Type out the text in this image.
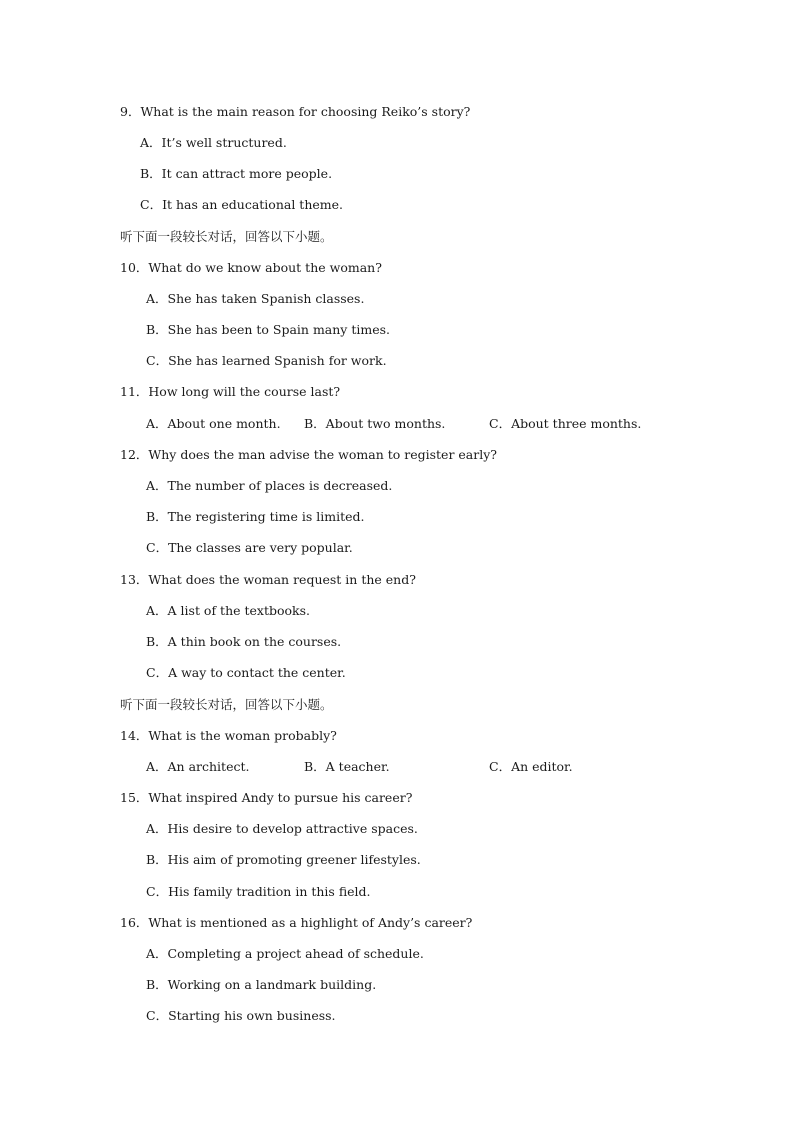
9．What is the main reason for choosing Reiko’s story?
A．It’s well structured.
B．It can attract more people.
C．It has an educational theme.
听下面一段较长对话，回答以下小题。
10．What do we know about the woman?
A．She has taken Spanish classes.
B．She has been to Spain many times.
C．She has learned Spanish for work.
11．How long will the course last?
A．About one month. B．About two months.	C．About three months.
12．Why does the man advise the woman to register early?
A．The number of places is decreased.
B．The registering time is limited.
C．The classes are very popular.
13．What does the woman request in the end?
A．A list of the textbooks.
B．A thin book on the courses.
C．A way to contact the center.
听下面一段较长对话，回答以下小题。
14．What is the woman probably?
A．An architect.	B．A teacher.	C．An editor.
15．What inspired Andy to pursue his career?
A．His desire to develop attractive spaces.
B．His aim of promoting greener lifestyles.
C．His family tradition in this field.
16．What is mentioned as a highlight of Andy’s career?
A．Completing a project ahead of schedule.
B．Working on a landmark building.
C．Starting his own business.
